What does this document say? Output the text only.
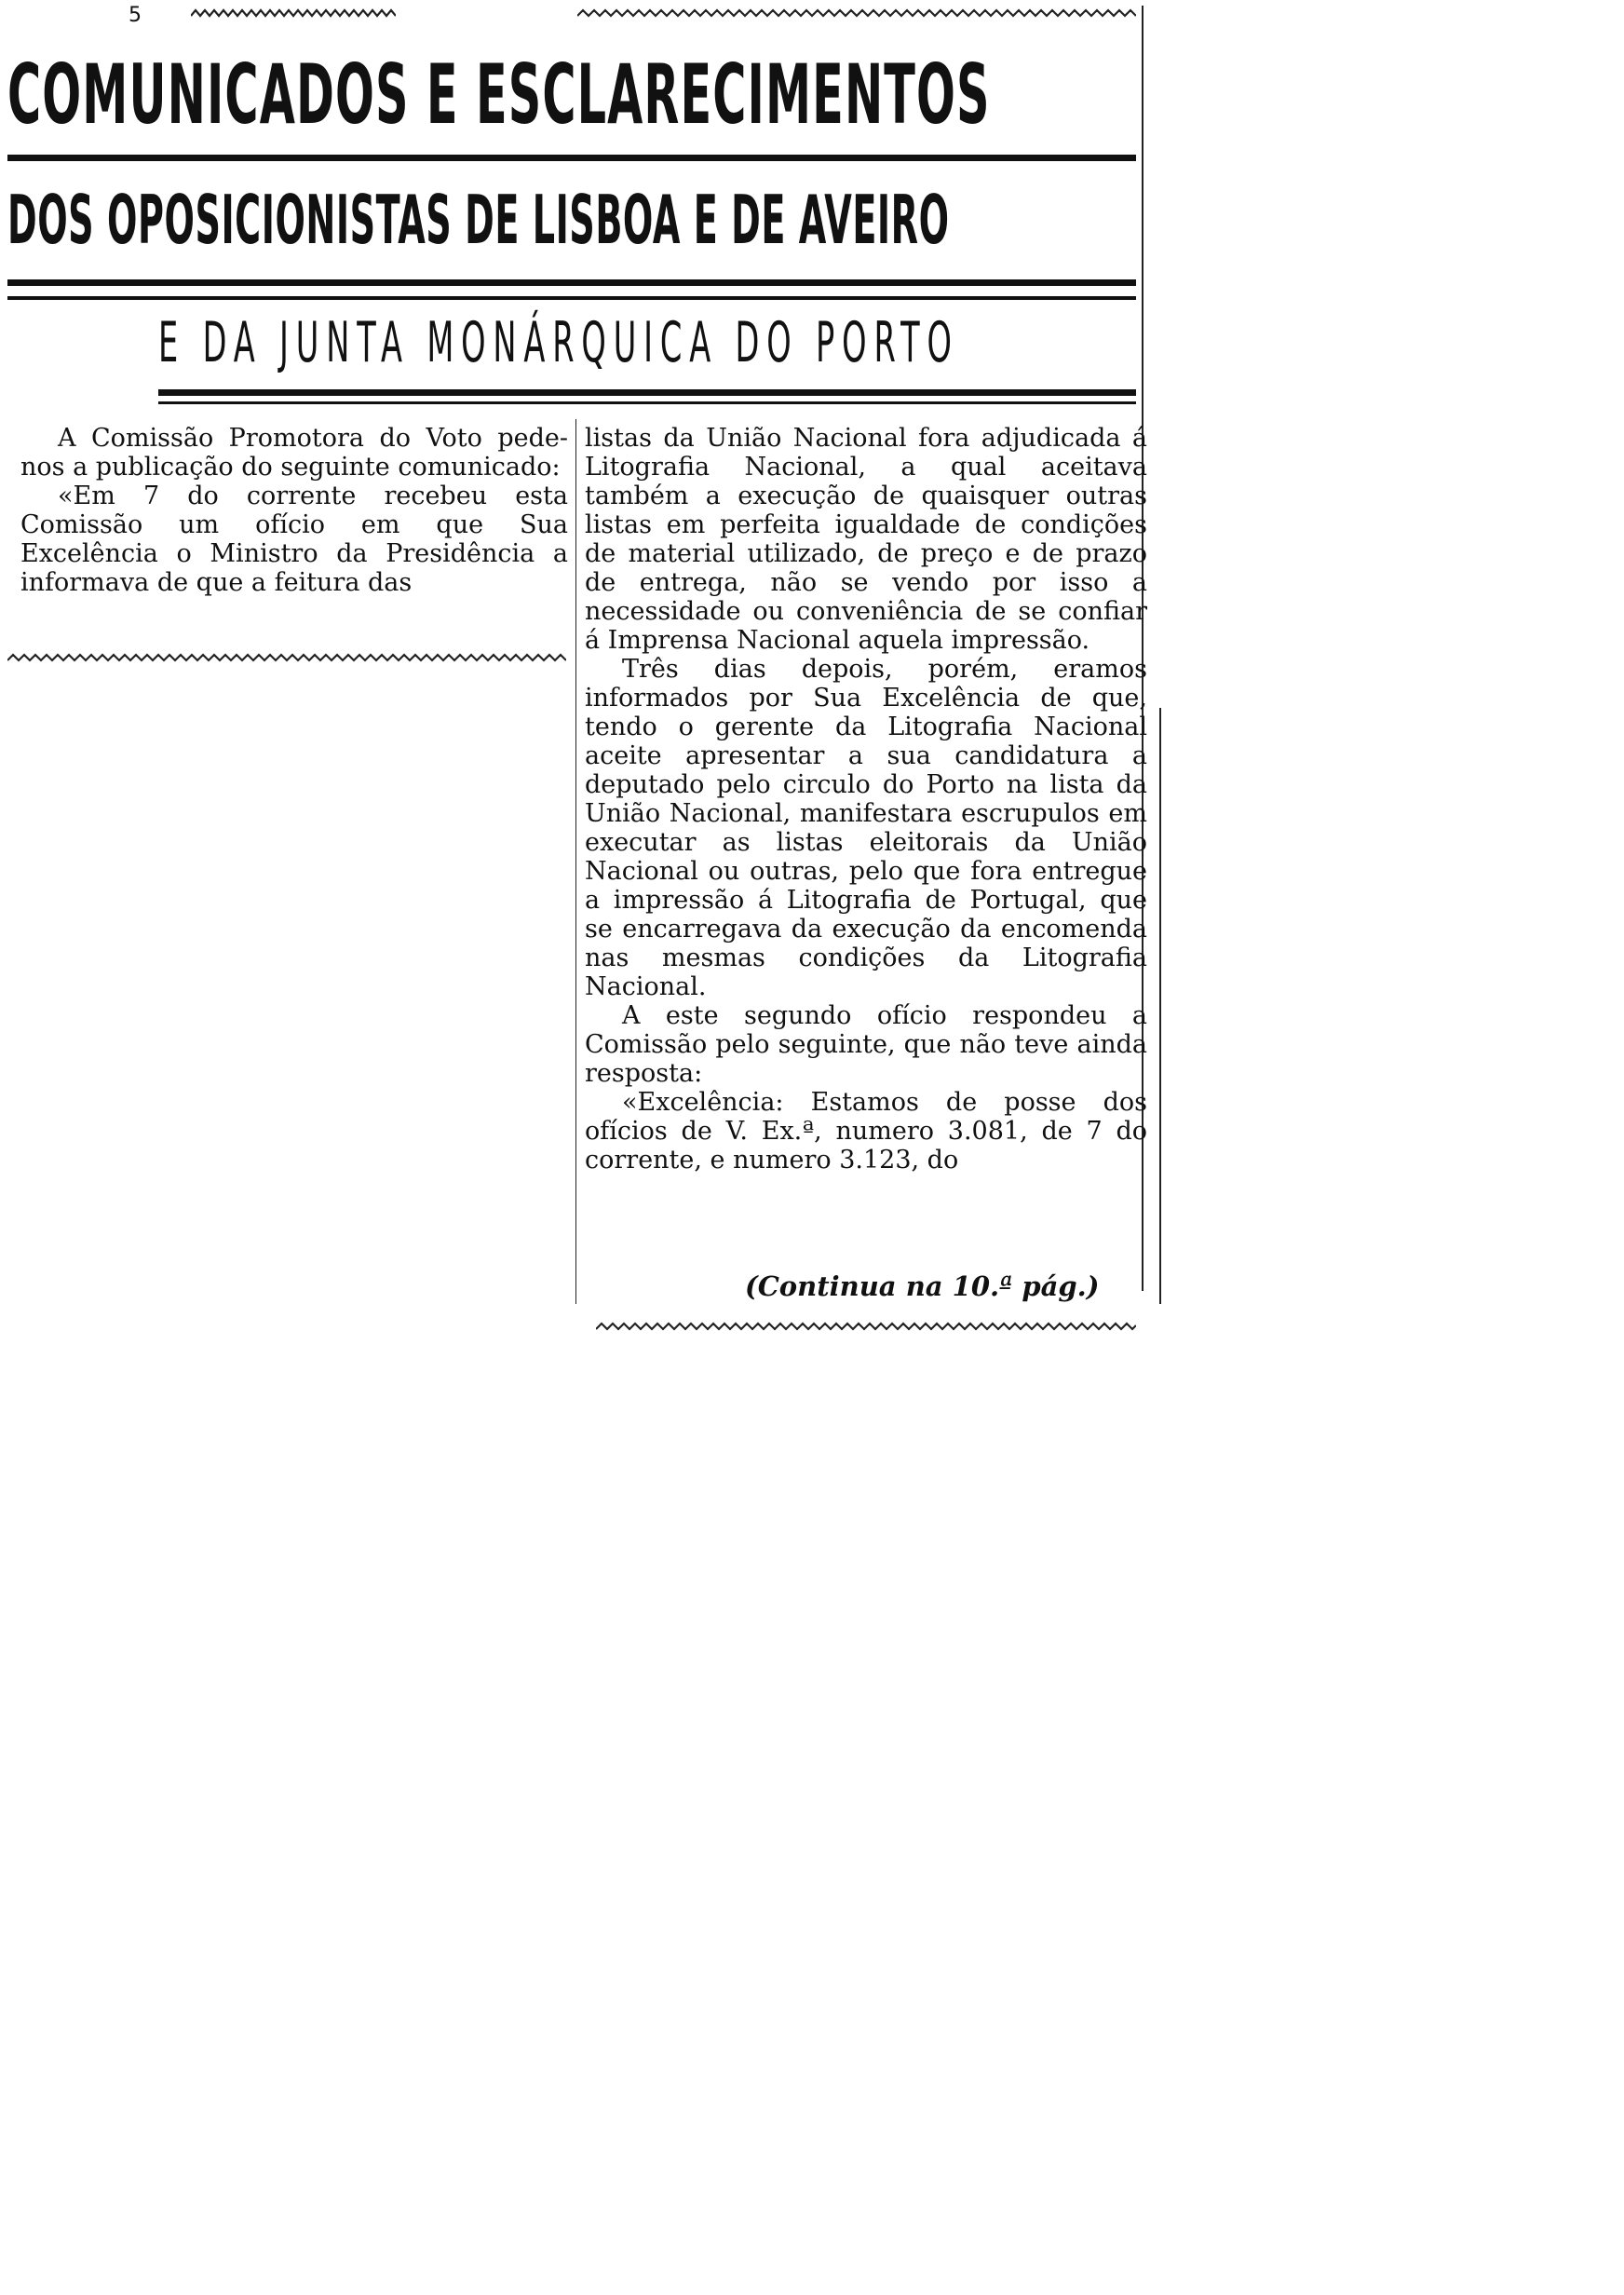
5
COMUNICADOS E ESCLARECIMENTOS
DOS OPOSICIONISTAS DE LISBOA E DE AVEIRO
E DA JUNTA MONÁRQUICA DO PORTO

A Comissão Promotora do Voto pede-nos a publicação do seguinte comunicado:

«Em 7 do corrente recebeu esta Comissão um ofício em que Sua Excelência o Ministro da Presidência a informava de que a feitura das

listas da União Nacional fora adjudicada á Litografia Nacional, a qual aceitava também a execução de quaisquer outras listas em perfeita igualdade de condições de material utilizado, de preço e de prazo de entrega, não se vendo por isso a necessidade ou conveniência de se confiar á Imprensa Nacional aquela impressão.

Três dias depois, porém, eramos informados por Sua Excelência de que, tendo o gerente da Litografia Nacional aceite apresentar a sua candidatura a deputado pelo circulo do Porto na lista da União Nacional, manifestara escrupulos em executar as listas eleitorais da União Nacional ou outras, pelo que fora entregue a impressão á Litografia de Portugal, que se encarregava da execução da encomenda nas mesmas condições da Litografia Nacional.

A este segundo ofício respondeu a Comissão pelo seguinte, que não teve ainda resposta:

«Excelência: Estamos de posse dos ofícios de V. Ex.ª, numero 3.081, de 7 do corrente, e numero 3.123, do

(Continua na 10.ª pág.)
